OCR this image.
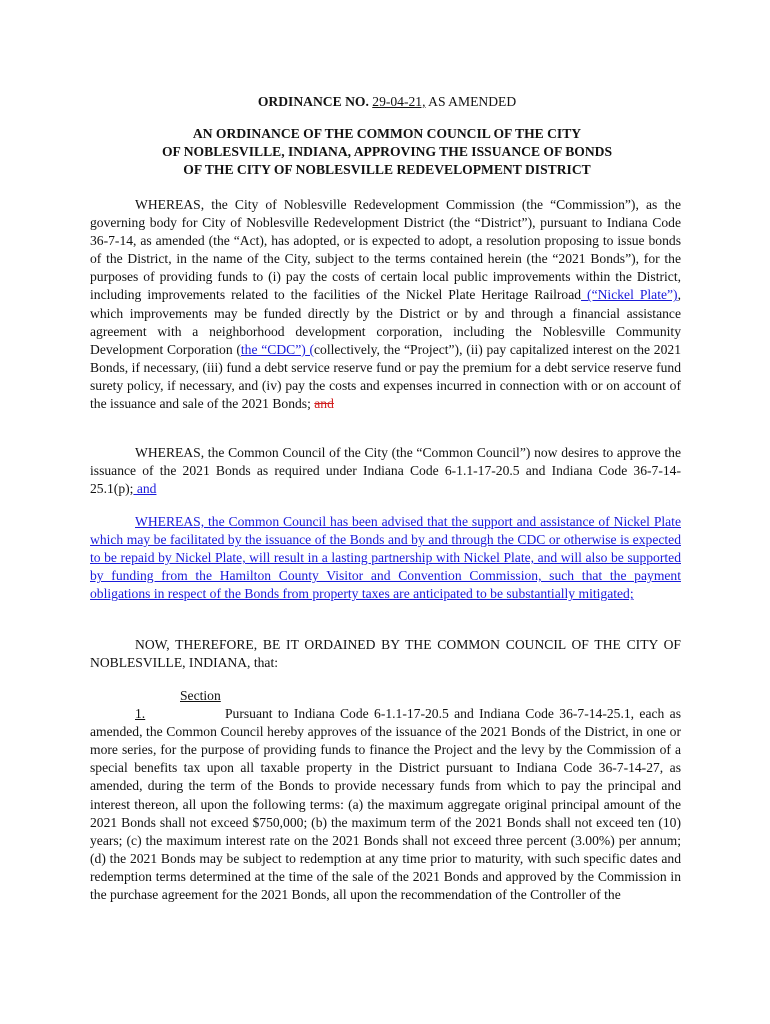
ORDINANCE NO. 29-04-21, AS AMENDED
AN ORDINANCE OF THE COMMON COUNCIL OF THE CITY
OF NOBLESVILLE, INDIANA, APPROVING THE ISSUANCE OF BONDS
OF THE CITY OF NOBLESVILLE REDEVELOPMENT DISTRICT
WHEREAS, the City of Noblesville Redevelopment Commission (the “Commission”), as the governing body for City of Noblesville Redevelopment District (the “District”), pursuant to Indiana Code 36-7-14, as amended (the “Act), has adopted, or is expected to adopt, a resolution proposing to issue bonds of the District, in the name of the City, subject to the terms contained herein (the “2021 Bonds”), for the purposes of providing funds to (i) pay the costs of certain local public improvements within the District, including improvements related to the facilities of the Nickel Plate Heritage Railroad (“Nickel Plate”), which improvements may be funded directly by the District or by and through a financial assistance agreement with a neighborhood development corporation, including the Noblesville Community Development Corporation (the “CDC”) (collectively, the “Project”), (ii) pay capitalized interest on the 2021 Bonds, if necessary, (iii) fund a debt service reserve fund or pay the premium for a debt service reserve fund surety policy, if necessary, and (iv) pay the costs and expenses incurred in connection with or on account of the issuance and sale of the 2021 Bonds; and
WHEREAS, the Common Council of the City (the “Common Council”) now desires to approve the issuance of the 2021 Bonds as required under Indiana Code 6-1.1-17-20.5 and Indiana Code 36-7-14-25.1(p); and
WHEREAS, the Common Council has been advised that the support and assistance of Nickel Plate which may be facilitated by the issuance of the Bonds and by and through the CDC or otherwise is expected to be repaid by Nickel Plate, will result in a lasting partnership with Nickel Plate, and will also be supported by funding from the Hamilton County Visitor and Convention Commission, such that the payment obligations in respect of the Bonds from property taxes are anticipated to be substantially mitigated;
NOW, THEREFORE, BE IT ORDAINED BY THE COMMON COUNCIL OF THE CITY OF NOBLESVILLE, INDIANA, that:
Section 1.	Pursuant to Indiana Code 6-1.1-17-20.5 and Indiana Code 36-7-14-25.1, each as amended, the Common Council hereby approves of the issuance of the 2021 Bonds of the District, in one or more series, for the purpose of providing funds to finance the Project and the levy by the Commission of a special benefits tax upon all taxable property in the District pursuant to Indiana Code 36-7-14-27, as amended, during the term of the Bonds to provide necessary funds from which to pay the principal and interest thereon, all upon the following terms: (a) the maximum aggregate original principal amount of the 2021 Bonds shall not exceed $750,000; (b) the maximum term of the 2021 Bonds shall not exceed ten (10) years; (c) the maximum interest rate on the 2021 Bonds shall not exceed three percent (3.00%) per annum; (d) the 2021 Bonds may be subject to redemption at any time prior to maturity, with such specific dates and redemption terms determined at the time of the sale of the 2021 Bonds and approved by the Commission in the purchase agreement for the 2021 Bonds, all upon the recommendation of the Controller of the
